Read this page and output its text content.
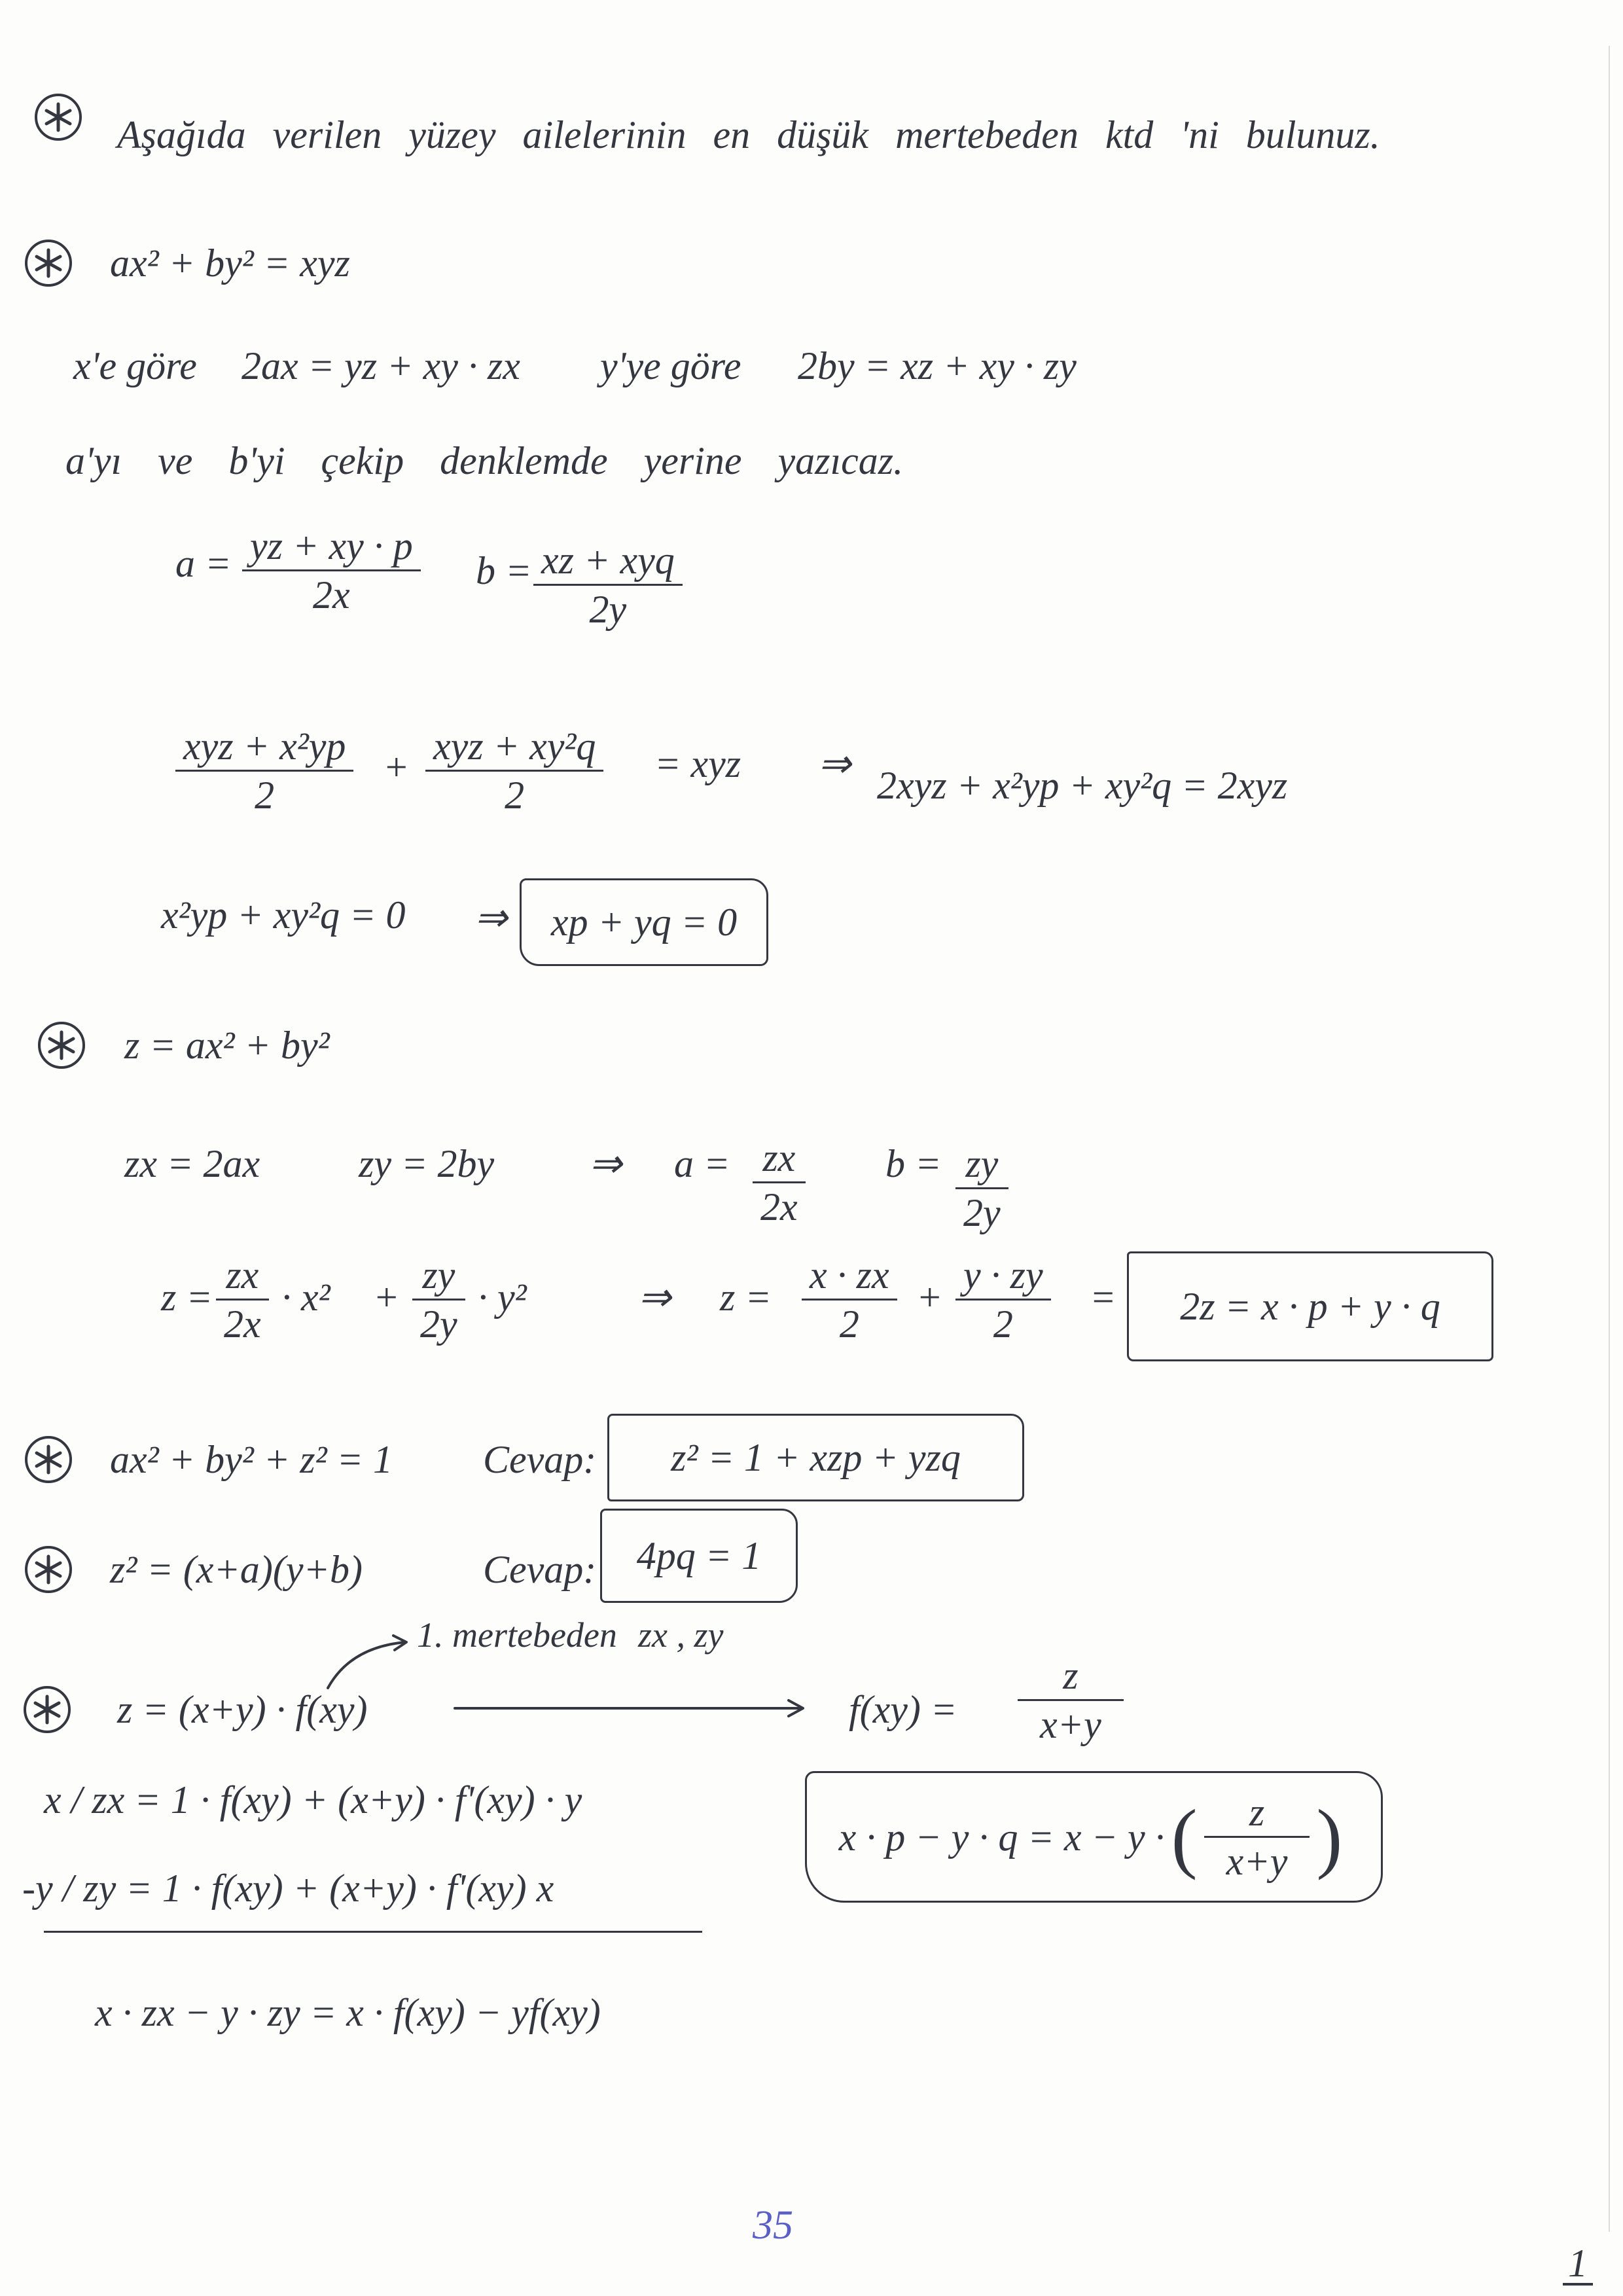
Aşağıda verilen yüzey ailelerinin en düşük mertebeden ktd 'ni bulunuz.
ax² + by² = xyz
x'e göre 2ax = yz + xy · zx y'ye göre 2by = xz + xy · zy
a'yı ve b'yi çekip denklemde yerine yazıcaz.
a = yz + xy · p
2x
b = xz + xyq
2y
xyz + x²yp
2
+ xyz + xy²q
2
= xyz ⇒ 2xyz + x²yp + xy²q = 2xyz
x²yp + xy²q = 0 ⇒ xp + yq = 0
z = ax² + by²
zx = 2ax	zy = 2by ⇒ a = zx
2x
b = zy
2y
z =
zx
2x
· x² +
zy
2y
· y²	⇒ z =
x · zx
2
+
y · zy
2
= 2z = x · p + y · q
ax² + by² + z² = 1 Cevap: z² = 1 + xzp + yzq
z² = (x+a)(y+b)	Cevap: 4pq = 1
1. mertebeden zx , zy
z = (x+y) · f(xy)	f(xy) =
z
x+y
x / zx = 1 · f(xy) + (x+y) · f'(xy) · y
-y / zy = 1 · f(xy) + (x+y) · f'(xy) x
x · zx − y · zy = x · f(xy) − yf(xy)
x · p − y · q = x − y · ( $\frac{z}{x+y}$ )
35
1
